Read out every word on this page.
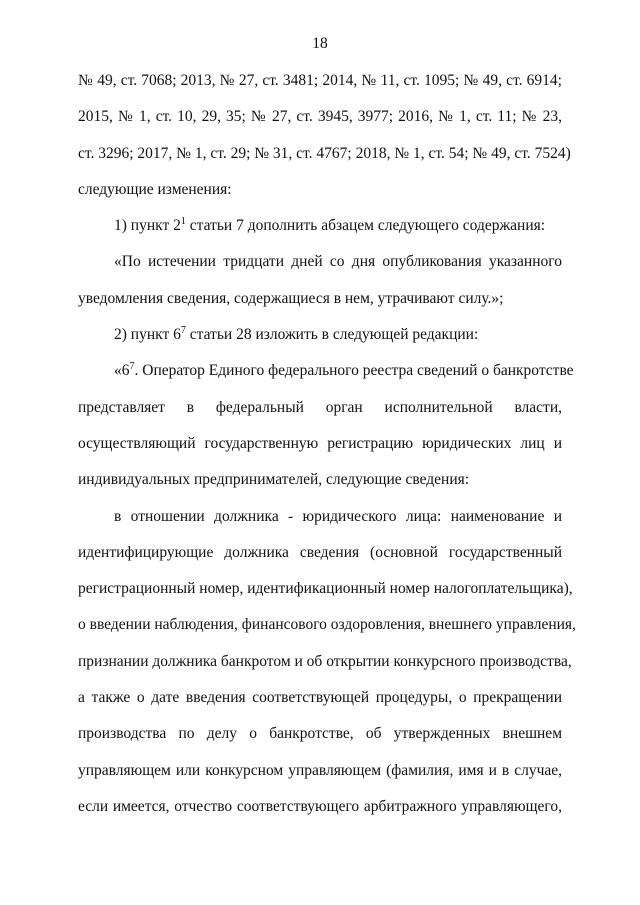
18
№ 49, ст. 7068; 2013, № 27, ст. 3481; 2014, № 11, ст. 1095; № 49, ст. 6914;
2015, № 1, ст. 10, 29, 35; № 27, ст. 3945, 3977; 2016, № 1, ст. 11; № 23,
ст. 3296; 2017, № 1, ст. 29; № 31, ст. 4767; 2018, № 1, ст. 54; № 49, ст. 7524)
следующие изменения:
1) пункт $2^1$ статьи 7 дополнить абзацем следующего содержания:
«По истечении тридцати дней со дня опубликования указанного
уведомления сведения, содержащиеся в нем, утрачивают силу.»;
2) пункт $6^7$ статьи 28 изложить в следующей редакции:
«$6^7$. Оператор Единого федерального реестра сведений о банкротстве
представляет в федеральный орган исполнительной власти,
осуществляющий государственную регистрацию юридических лиц и
индивидуальных предпринимателей, следующие сведения:
в отношении должника - юридического лица: наименование и
идентифицирующие должника сведения (основной государственный
регистрационный номер, идентификационный номер налогоплательщика),
о введении наблюдения, финансового оздоровления, внешнего управления,
признании должника банкротом и об открытии конкурсного производства,
а также о дате введения соответствующей процедуры, о прекращении
производства по делу о банкротстве, об утвержденных внешнем
управляющем или конкурсном управляющем (фамилия, имя и в случае,
если имеется, отчество соответствующего арбитражного управляющего,
